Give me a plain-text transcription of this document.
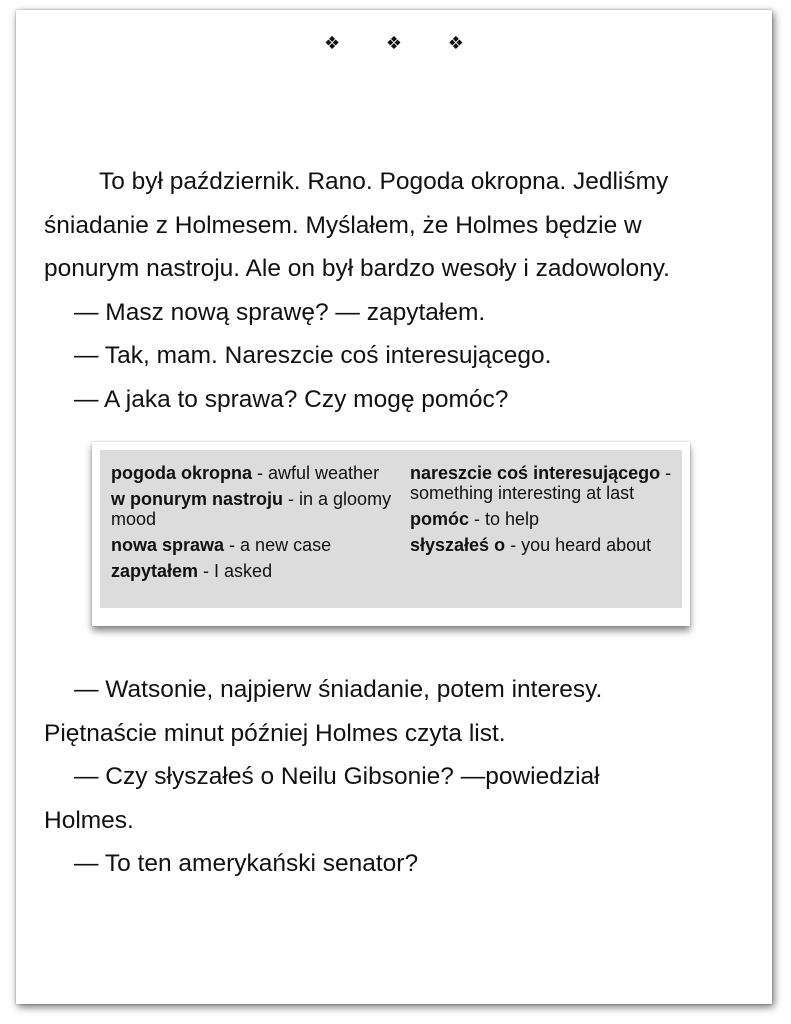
❖	❖	❖
To był październik. Rano. Pogoda okropna. Jedliśmy
śniadanie z Holmesem. Myślałem, że Holmes będzie w
ponurym nastroju. Ale on był bardzo wesoły i zadowolony.
— Masz nową sprawę? — zapytałem.
— Tak, mam. Nareszcie coś interesującego.
— A jaka to sprawa? Czy mogę pomóc?
pogoda okropna - awful weather
w ponurym nastroju - in a gloomy mood
nowa sprawa - a new case
zapytałem - I asked
nareszcie coś interesującego - something interesting at last
pomóc - to help
słyszałeś o - you heard about
— Watsonie, najpierw śniadanie, potem interesy.
Piętnaście minut później Holmes czyta list.
— Czy słyszałeś o Neilu Gibsonie? —powiedział
Holmes.
— To ten amerykański senator?
